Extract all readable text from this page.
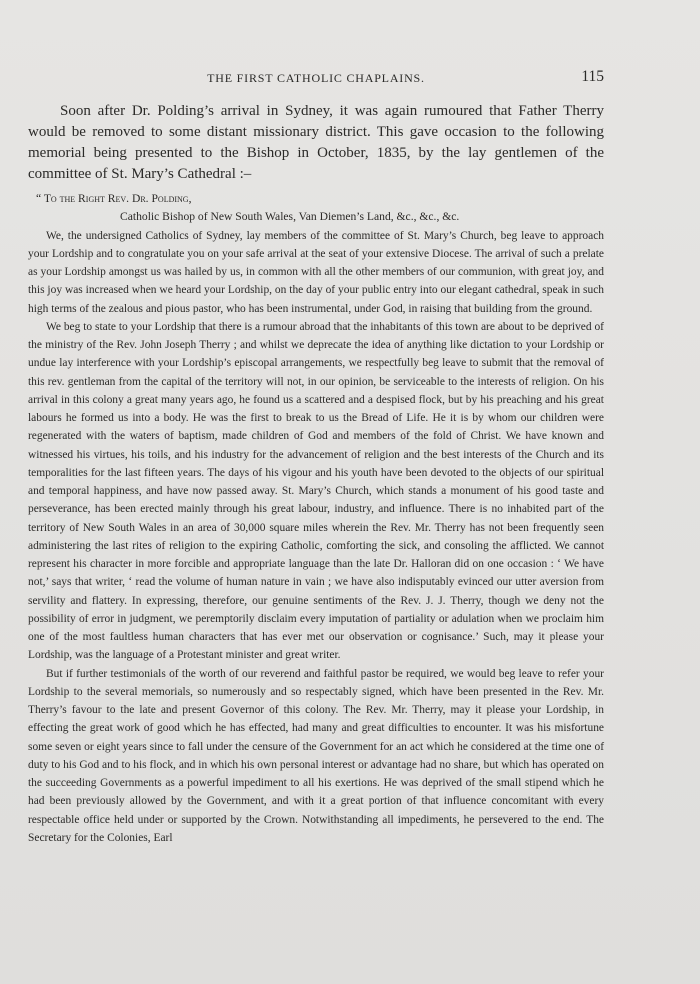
THE FIRST CATHOLIC CHAPLAINS.	115

Soon after Dr. Polding’s arrival in Sydney, it was again rumoured that Father Therry would be removed to some distant missionary district. This gave occasion to the following memorial being presented to the Bishop in October, 1835, by the lay gentlemen of the committee of St. Mary’s Cathedral :–

“ To the Right Rev. Dr. Polding,
Catholic Bishop of New South Wales, Van Diemen’s Land, &c., &c., &c.

We, the undersigned Catholics of Sydney, lay members of the committee of St. Mary’s Church, beg leave to approach your Lordship and to congratulate you on your safe arrival at the seat of your extensive Diocese. The arrival of such a prelate as your Lordship amongst us was hailed by us, in common with all the other members of our communion, with great joy, and this joy was increased when we heard your Lordship, on the day of your public entry into our elegant cathedral, speak in such high terms of the zealous and pious pastor, who has been instrumental, under God, in raising that building from the ground.

We beg to state to your Lordship that there is a rumour abroad that the inhabitants of this town are about to be deprived of the ministry of the Rev. John Joseph Therry ; and whilst we deprecate the idea of anything like dictation to your Lordship or undue lay interference with your Lordship’s episcopal arrangements, we respectfully beg leave to submit that the removal of this rev. gentleman from the capital of the territory will not, in our opinion, be serviceable to the interests of religion. On his arrival in this colony a great many years ago, he found us a scattered and a despised flock, but by his preaching and his great labours he formed us into a body. He was the first to break to us the Bread of Life. He it is by whom our children were regenerated with the waters of baptism, made children of God and members of the fold of Christ. We have known and witnessed his virtues, his toils, and his industry for the advancement of religion and the best interests of the Church and its temporalities for the last fifteen years. The days of his vigour and his youth have been devoted to the objects of our spiritual and temporal happiness, and have now passed away. St. Mary’s Church, which stands a monument of his good taste and perseverance, has been erected mainly through his great labour, industry, and influence. There is no inhabited part of the territory of New South Wales in an area of 30,000 square miles wherein the Rev. Mr. Therry has not been frequently seen administering the last rites of religion to the expiring Catholic, comforting the sick, and consoling the afflicted. We cannot represent his character in more forcible and appropriate language than the late Dr. Halloran did on one occasion : ‘ We have not,’ says that writer, ‘ read the volume of human nature in vain ; we have also indisputably evinced our utter aversion from servility and flattery. In expressing, therefore, our genuine sentiments of the Rev. J. J. Therry, though we deny not the possibility of error in judgment, we peremptorily disclaim every imputation of partiality or adulation when we proclaim him one of the most faultless human characters that has ever met our observation or cognisance.’ Such, may it please your Lordship, was the language of a Protestant minister and great writer.

But if further testimonials of the worth of our reverend and faithful pastor be required, we would beg leave to refer your Lordship to the several memorials, so numerously and so respectably signed, which have been presented in the Rev. Mr. Therry’s favour to the late and present Governor of this colony. The Rev. Mr. Therry, may it please your Lordship, in effecting the great work of good which he has effected, had many and great difficulties to encounter. It was his misfortune some seven or eight years since to fall under the censure of the Government for an act which he considered at the time one of duty to his God and to his flock, and in which his own personal interest or advantage had no share, but which has operated on the succeeding Governments as a powerful impediment to all his exertions. He was deprived of the small stipend which he had been previously allowed by the Government, and with it a great portion of that influence concomitant with every respectable office held under or supported by the Crown. Notwithstanding all impediments, he persevered to the end. The Secretary for the Colonies, Earl
